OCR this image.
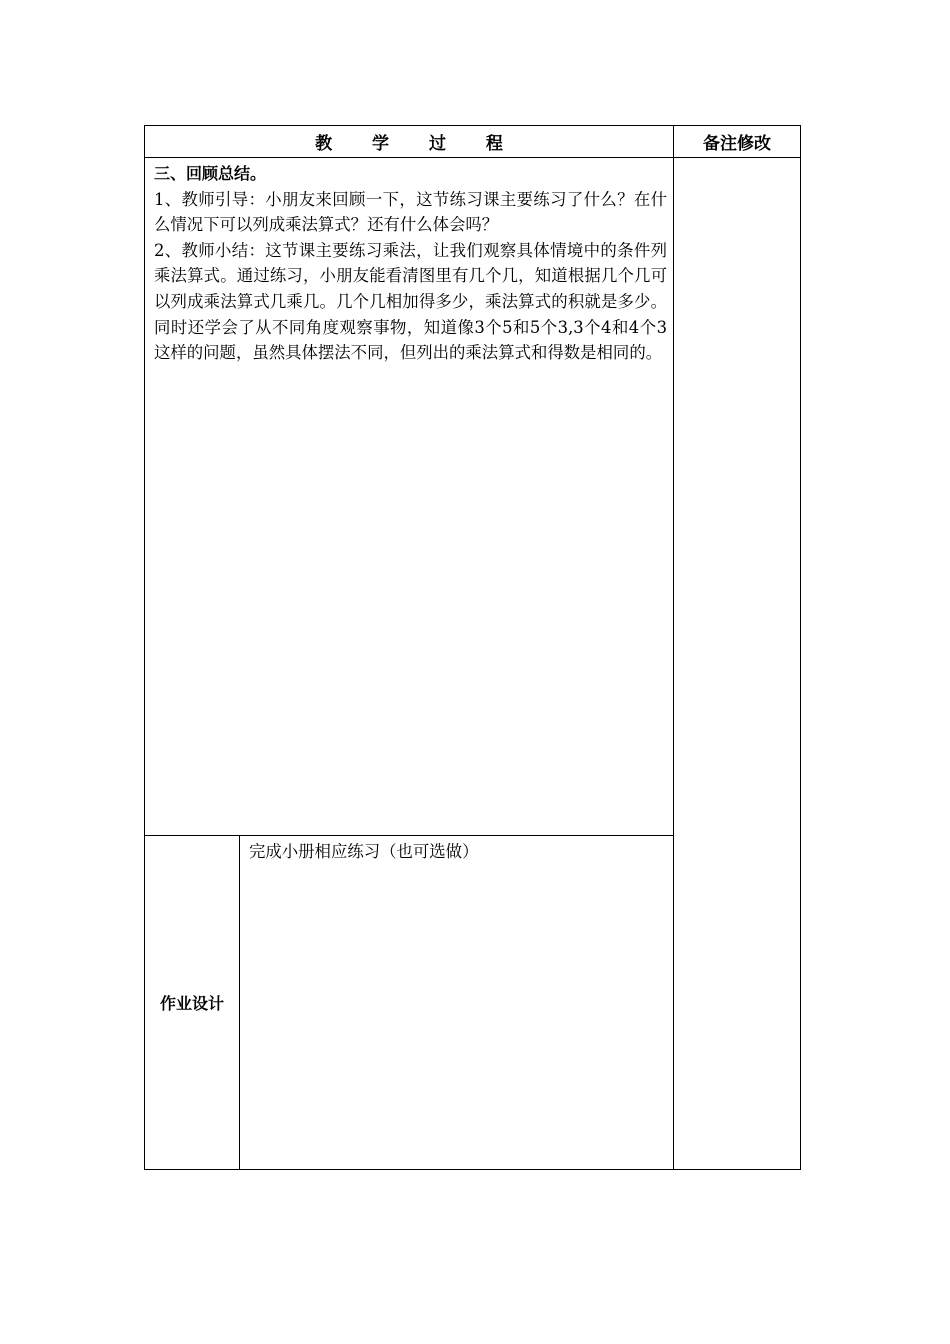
教 学 过 程		备注修改

三、回顾总结。

1、教师引导：小朋友来回顾一下，这节练习课主要练习了什么？在什么情况下可以列成乘法算式？还有什么体会吗？

2、教师小结：这节课主要练习乘法，让我们观察具体情境中的条件列乘法算式。通过练习，小朋友能看清图里有几个几，知道根据几个几可以列成乘法算式几乘几。几个几相加得多少，乘法算式的积就是多少。同时还学会了从不同角度观察事物，知道像3个5和5个3,3个4和4个3这样的问题，虽然具体摆法不同，但列出的乘法算式和得数是相同的。		

作业设计	完成小册相应练习（也可选做）	
